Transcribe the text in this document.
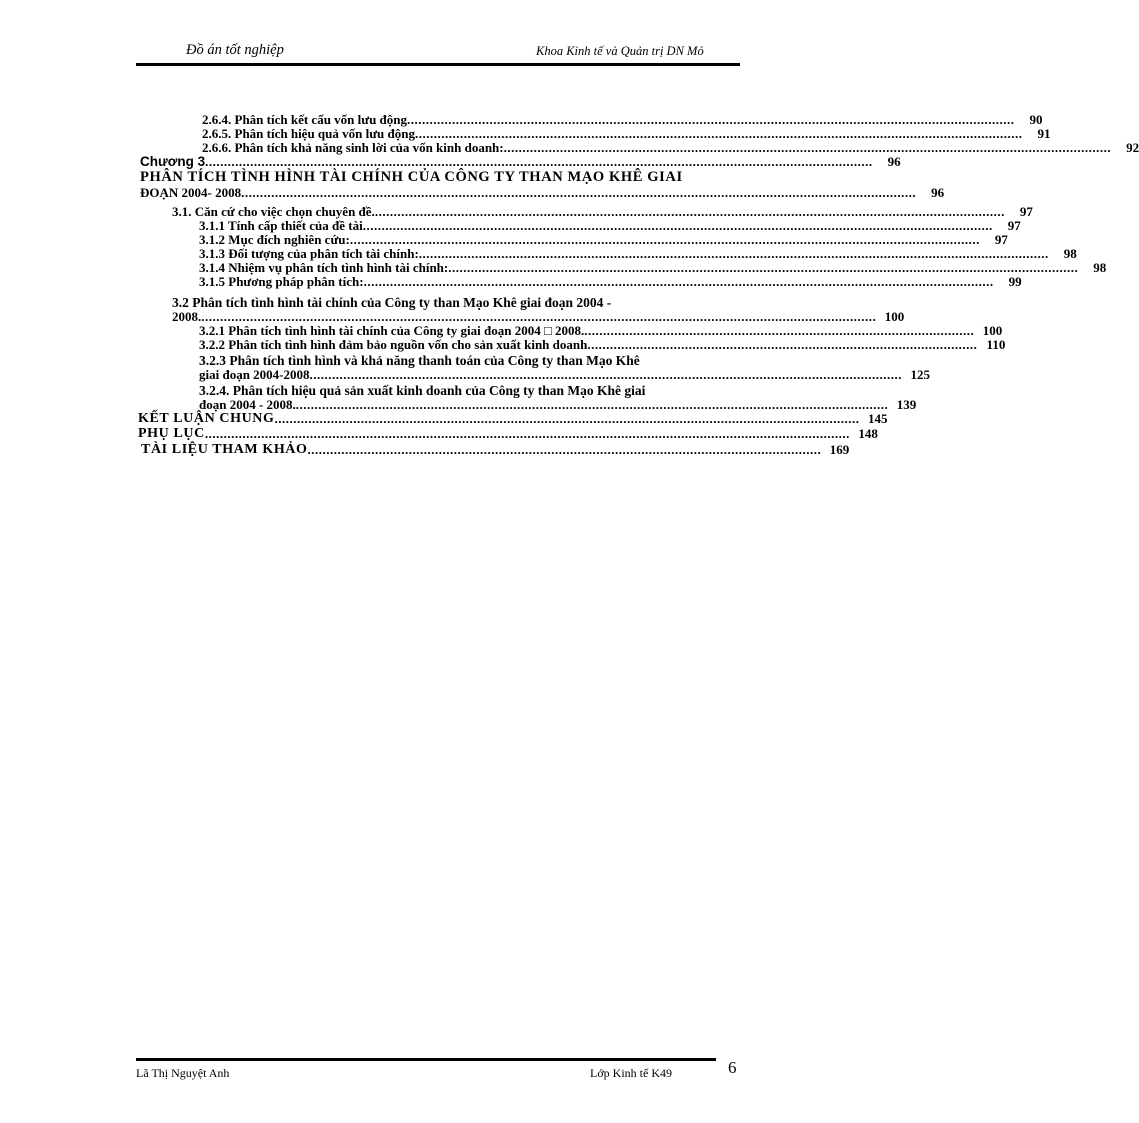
Đồ án tốt nghiệp	Khoa Kinh tế và Quản trị DN Mỏ
2.6.4. Phân tích kết cấu vốn lưu động ..................................................................................................................................................................	90
2.6.5. Phân tích hiệu quả vốn lưu động ..................................................................................................................................................................	91
2.6.6. Phân tích khả năng sinh lời của vốn kinh doanh: ..................................................................................................................................................................	92
Chương 3 ..................................................................................................................................................................................	96
PHÂN TÍCH TÌNH HÌNH TÀI CHÍNH CỦA CÔNG TY THAN MẠO KHÊ GIAI
ĐOẠN 2004- 2008 ....................................................................................................................................................................................	96
3.1. Căn cứ cho việc chọn chuyên đề. ........................................................................................................................................................................	97
3.1.1 Tính cấp thiết của đề tài ........................................................................................................................................................................	97
3.1.2 Mục đích nghiên cứu: ........................................................................................................................................................................	97
3.1.3 Đối tượng của phân tích tài chính: ........................................................................................................................................................................	98
3.1.4 Nhiệm vụ phân tích tình hình tài chính: ........................................................................................................................................................................	98
3.1.5 Phương pháp phân tích: ........................................................................................................................................................................	99
3.2 Phân tích tình hình tài chính của Công ty than Mạo Khê giai đoạn 2004 -
2008. .................................................................................................................................................................................... 100
3.2.1 Phân tích tình hình tài chính của Công ty giai đoạn 2004 □ 2008. ........................................................................................................ 100
3.2.2 Phân tích tình hình đảm bảo nguồn vốn cho sản xuất kinh doanh ........................................................................................................ 110
3.2.3 Phân tích tình hình và khả năng thanh toán của Công ty than Mạo Khê
giai đoạn 2004-2008 .............................................................................................................................................................. 125
3.2.4. Phân tích hiệu quả sản xuất kinh doanh của Công ty than Mạo Khê giai
đoạn 2004 - 2008. .............................................................................................................................................................. 139
KẾT LUẬN CHUNG ............................................................................................................................................................ 145
PHỤ LỤC ............................................................................................................................................................................ 148
TÀI LIỆU THAM KHẢO ......................................................................................................................................... 169
Lã Thị Nguyệt Anh	Lớp Kinh tế K49	6
